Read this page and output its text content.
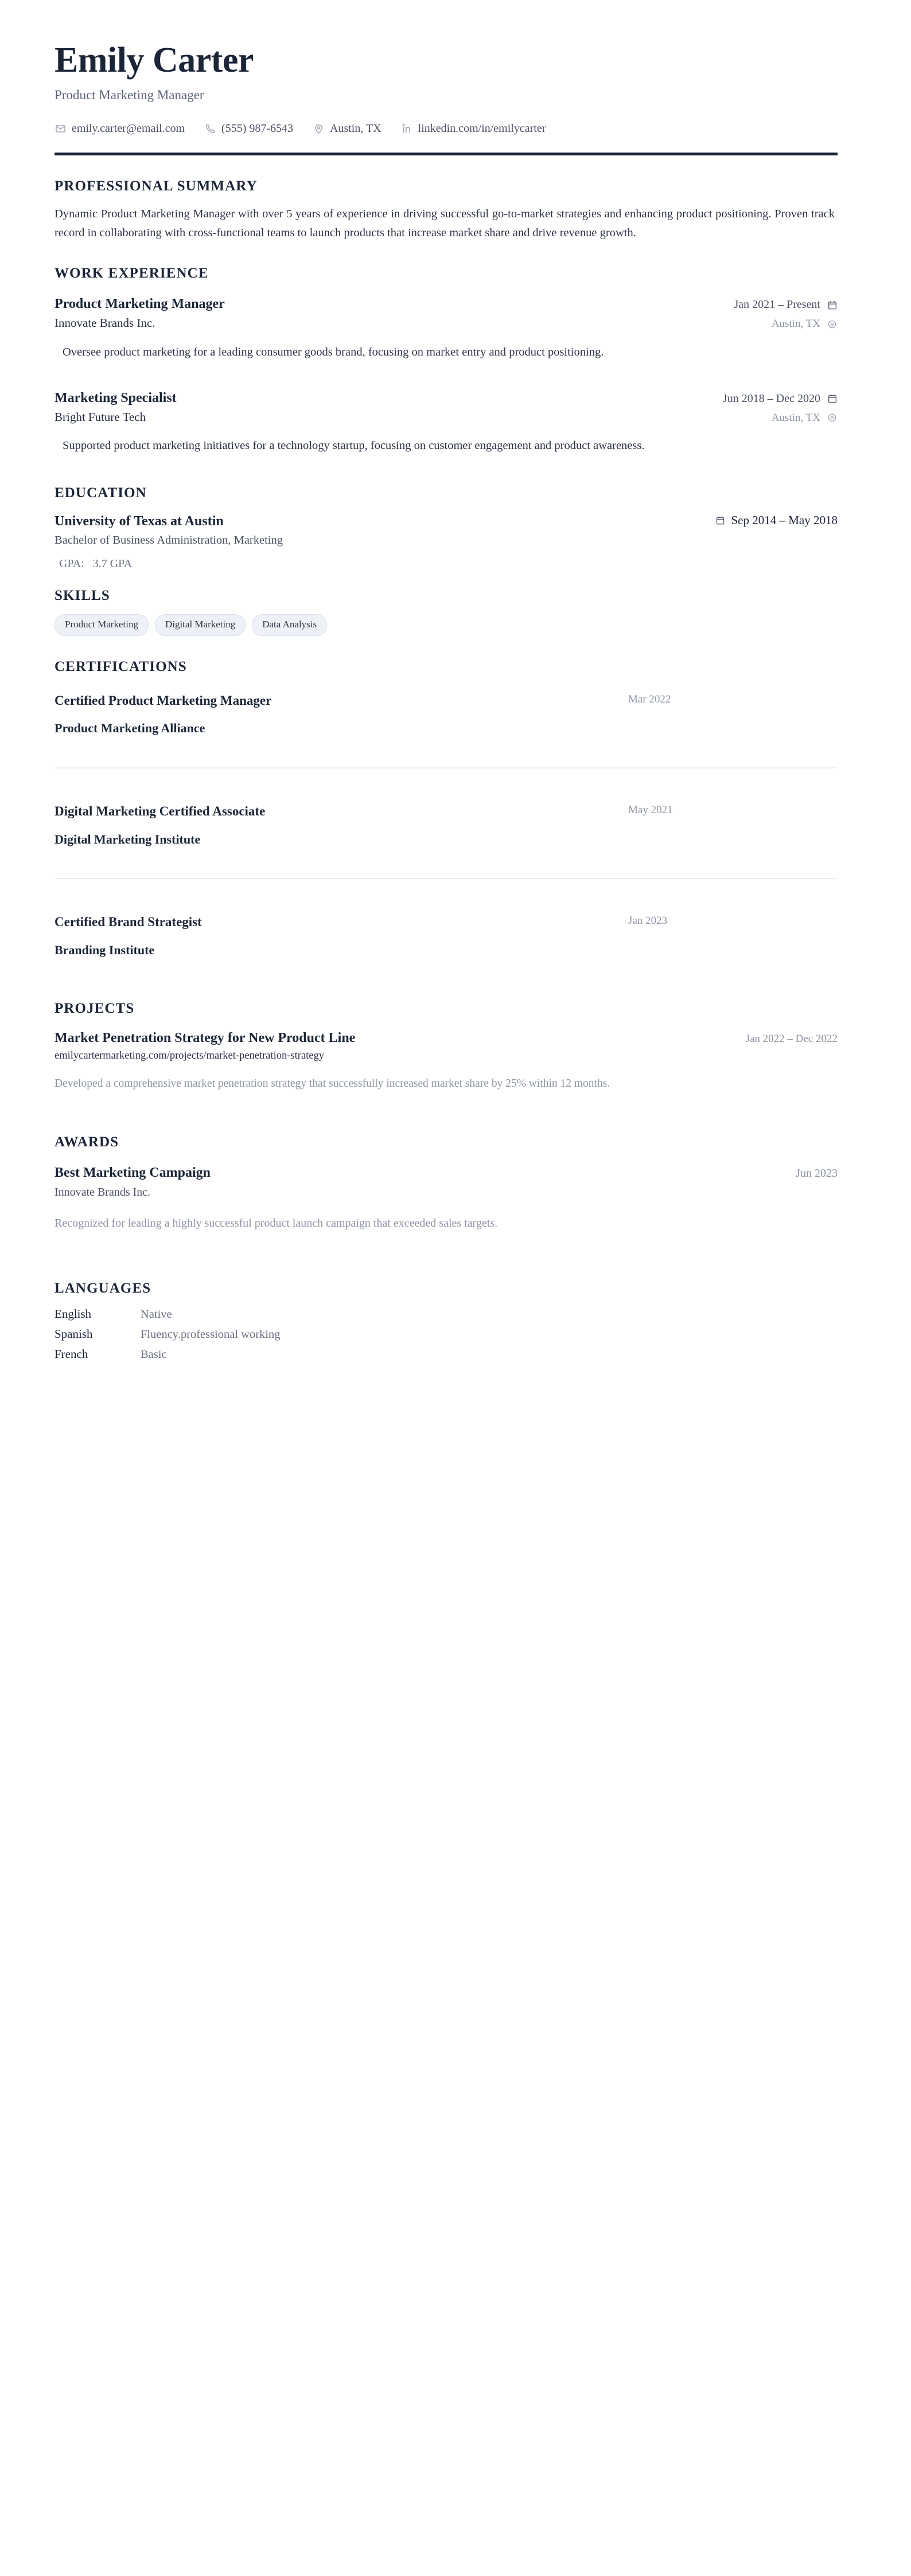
Emily Carter
Product Marketing Manager
emily.carter@email.com	(555) 987-6543	Austin, TX	linkedin.com/in/emilycarter
PROFESSIONAL SUMMARY

Dynamic Product Marketing Manager with over 5 years of experience in driving successful go-to-market strategies and enhancing product positioning. Proven track record in collaborating with cross-functional teams to launch products that increase market share and drive revenue growth.

WORK EXPERIENCE
Product Marketing Manager	Jan 2021 – Present
Innovate Brands Inc.	Austin, TX

Oversee product marketing for a leading consumer goods brand, focusing on market entry and product positioning.

Marketing Specialist	Jun 2018 – Dec 2020
Bright Future Tech	Austin, TX

Supported product marketing initiatives for a technology startup, focusing on customer engagement and product awareness.

EDUCATION
University of Texas at Austin	Sep 2014 – May 2018
Bachelor of Business Administration, Marketing
GPA: 3.7 GPA
SKILLS
Product Marketing	Digital Marketing	Data Analysis
CERTIFICATIONS
Certified Product Marketing Manager
Product Marketing Alliance
Mar 2022
Digital Marketing Certified Associate
Digital Marketing Institute
May 2021
Certified Brand Strategist
Branding Institute
Jan 2023
PROJECTS
Market Penetration Strategy for New Product Line	Jan 2022 – Dec 2022
emilycartermarketing.com/projects/market-penetration-strategy

Developed a comprehensive market penetration strategy that successfully increased market share by 25% within 12 months.

AWARDS
Best Marketing Campaign	Jun 2023
Innovate Brands Inc.

Recognized for leading a highly successful product launch campaign that exceeded sales targets.

LANGUAGES
English	Native
Spanish	Fluency.professional working
French	Basic
